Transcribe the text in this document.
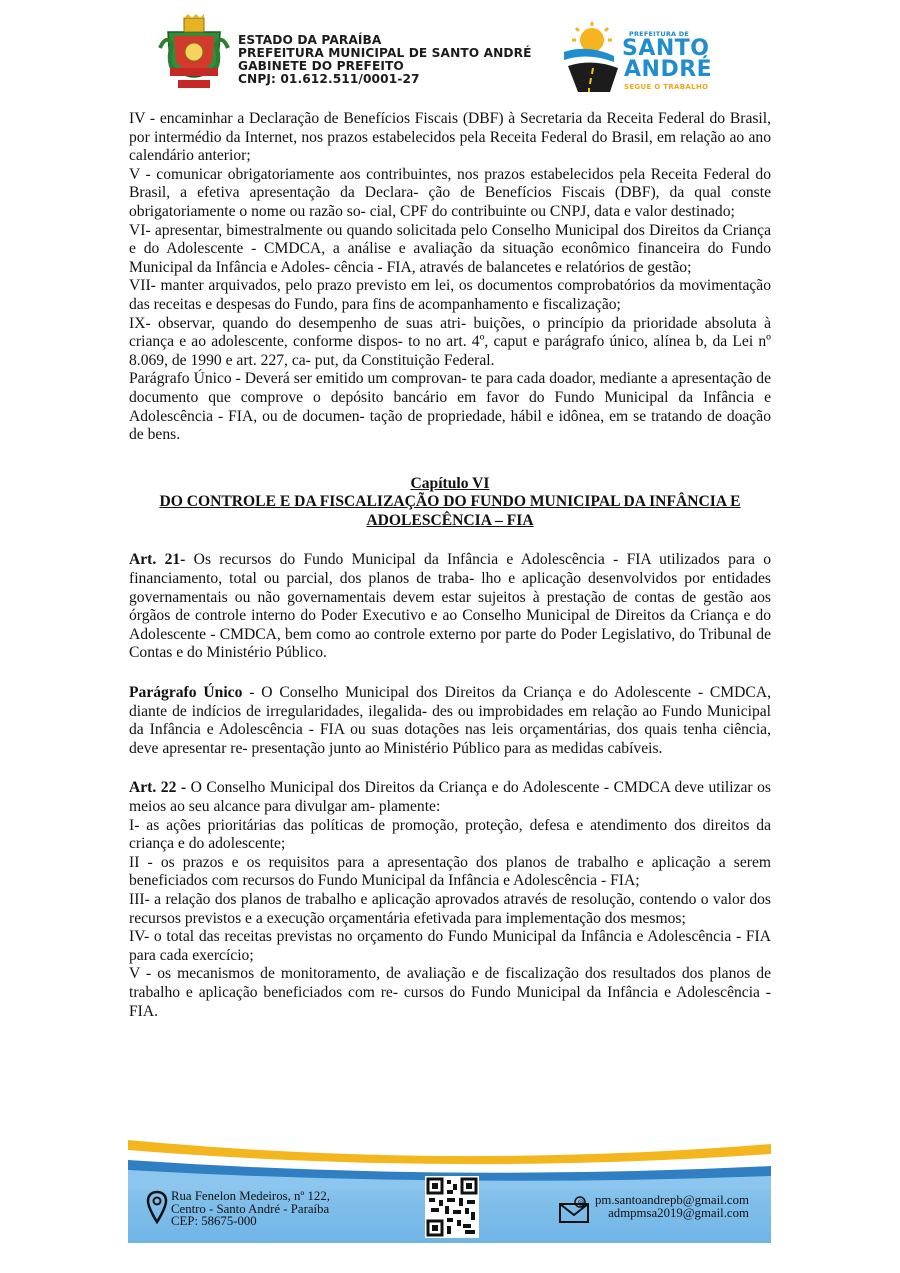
ESTADO DA PARAÍBA
PREFEITURA MUNICIPAL DE SANTO ANDRÉ
GABINETE DO PREFEITO
CNPJ: 01.612.511/0001-27
PREFEITURA DE
SANTO
ANDRÉ
SEGUE O TRABALHO

IV - encaminhar a Declaração de Benefícios Fiscais (DBF) à Secretaria da Receita Federal do Brasil, por intermédio da Internet, nos prazos estabelecidos pela Receita Federal do Brasil, em relação ao ano calendário anterior;

V - comunicar obrigatoriamente aos contribuintes, nos prazos estabelecidos pela Receita Federal do Brasil, a efetiva apresentação da Declara- ção de Benefícios Fiscais (DBF), da qual conste obrigatoriamente o nome ou razão so- cial, CPF do contribuinte ou CNPJ, data e valor destinado;

VI- apresentar, bimestralmente ou quando solicitada pelo Conselho Municipal dos Direitos da Criança e do Adolescente - CMDCA, a análise e avaliação da situação econômico financeira do Fundo Municipal da Infância e Adoles- cência - FIA, através de balancetes e relatórios de gestão;

VII- manter arquivados, pelo prazo previsto em lei, os documentos comprobatórios da movimentação das receitas e despesas do Fundo, para fins de acompanhamento e fiscalização;

IX- observar, quando do desempenho de suas atri- buições, o princípio da prioridade absoluta à criança e ao adolescente, conforme dispos- to no art. 4º, caput e parágrafo único, alínea b, da Lei nº 8.069, de 1990 e art. 227, ca- put, da Constituição Federal.

Parágrafo Único - Deverá ser emitido um comprovan- te para cada doador, mediante a apresentação de documento que comprove o depósito bancário em favor do Fundo Municipal da Infância e Adolescência - FIA, ou de documen- tação de propriedade, hábil e idônea, em se tratando de doação de bens.

Capítulo VI

DO CONTROLE E DA FISCALIZAÇÃO DO FUNDO MUNICIPAL DA INFÂNCIA E

ADOLESCÊNCIA – FIA

Art. 21- Os recursos do Fundo Municipal da Infância e Adolescência - FIA utilizados para o financiamento, total ou parcial, dos planos de traba- lho e aplicação desenvolvidos por entidades governamentais ou não governamentais devem estar sujeitos à prestação de contas de gestão aos órgãos de controle interno do Poder Executivo e ao Conselho Municipal de Direitos da Criança e do Adolescente - CMDCA, bem como ao controle externo por parte do Poder Legislativo, do Tribunal de Contas e do Ministério Público.

Parágrafo Único - O Conselho Municipal dos Direitos da Criança e do Adolescente - CMDCA, diante de indícios de irregularidades, ilegalida- des ou improbidades em relação ao Fundo Municipal da Infância e Adolescência - FIA ou suas dotações nas leis orçamentárias, dos quais tenha ciência, deve apresentar re- presentação junto ao Ministério Público para as medidas cabíveis.

Art. 22 - O Conselho Municipal dos Direitos da Criança e do Adolescente - CMDCA deve utilizar os meios ao seu alcance para divulgar am- plamente:

I- as ações prioritárias das políticas de promoção, proteção, defesa e atendimento dos direitos da criança e do adolescente;

II - os prazos e os requisitos para a apresentação dos planos de trabalho e aplicação a serem beneficiados com recursos do Fundo Municipal da Infância e Adolescência - FIA;

III- a relação dos planos de trabalho e aplicação aprovados através de resolução, contendo o valor dos recursos previstos e a execução orçamentária efetivada para implementação dos mesmos;

IV- o total das receitas previstas no orçamento do Fundo Municipal da Infância e Adolescência - FIA para cada exercício;

V - os mecanismos de monitoramento, de avaliação e de fiscalização dos resultados dos planos de trabalho e aplicação beneficiados com re- cursos do Fundo Municipal da Infância e Adolescência - FIA.

Rua Fenelon Medeiros, nº 122,
Centro - Santo André - Paraíba
CEP: 58675-000
@ pm.santoandrepb@gmail.com
admpmsa2019@gmail.com
